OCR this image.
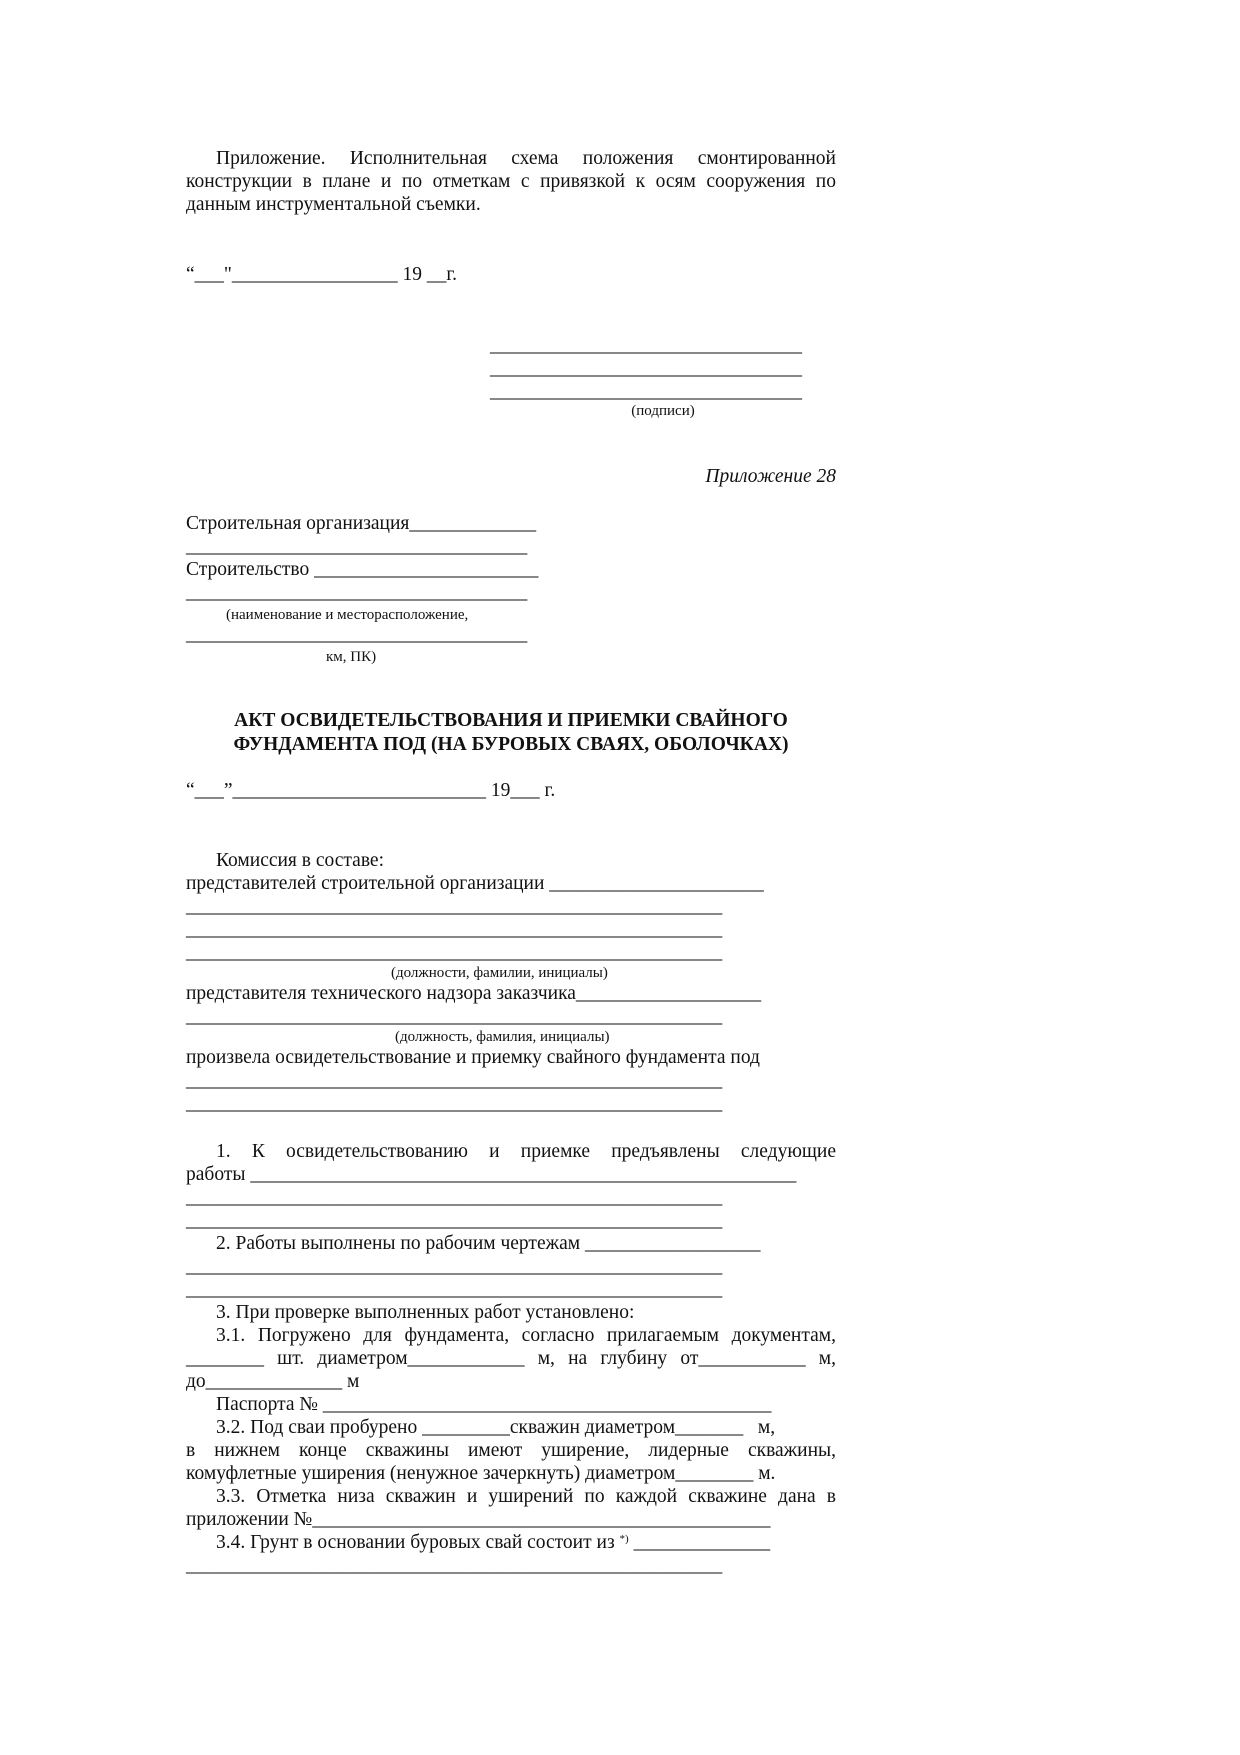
Приложение. Исполнительная схема положения смонтированной
конструкции в плане и по отметкам с привязкой к осям сооружения по
данным инструментальной съемки.
“___"_________________ 19 __г.
________________________________
________________________________
________________________________
(подписи)
Приложение 28
Строительная организация_____________
___________________________________
Строительство _______________________
___________________________________
(наименование и месторасположение,
___________________________________
км, ПК)
АКТ ОСВИДЕТЕЛЬСТВОВАНИЯ И ПРИЕМКИ СВАЙНОГО
ФУНДАМЕНТА ПОД (НА БУРОВЫХ СВАЯХ, ОБОЛОЧКАХ)
“___”__________________________ 19___ г.
Комиссия в составе:
представителей строительной организации ______________________
_______________________________________________________
_______________________________________________________
_______________________________________________________
(должности, фамилии, инициалы)
представителя технического надзора заказчика___________________
_______________________________________________________
(должность, фамилия, инициалы)
произвела освидетельствование и приемку свайного фундамента под
_______________________________________________________
_______________________________________________________
1. К освидетельствованию и приемке предъявлены следующие
работы ________________________________________________________
_______________________________________________________
_______________________________________________________
2. Работы выполнены по рабочим чертежам __________________
_______________________________________________________
_______________________________________________________
3. При проверке выполненных работ установлено:
3.1. Погружено для фундамента, согласно прилагаемым документам,
________ шт. диаметром____________ м, на глубину от___________ м,
до______________ м
Паспорта № ______________________________________________
3.2. Под сваи пробурено _________скважин диаметром_______   м,
в нижнем конце скважины имеют уширение, лидерные скважины,
комуфлетные уширения (ненужное зачеркнуть) диаметром________ м.
3.3. Отметка низа скважин и уширений по каждой скважине дана в
приложении №_______________________________________________
3.4. Грунт в основании буровых свай состоит из *) ______________
_______________________________________________________
